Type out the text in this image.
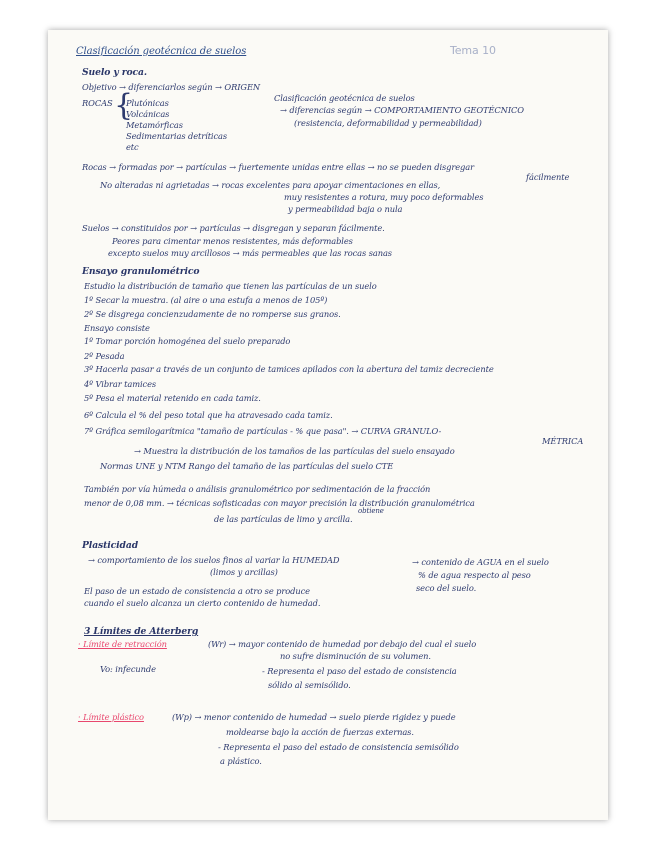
Clasificación geotécnica de suelos	Tema 10
Suelo y roca.
Objetivo → diferenciarlos según → ORIGEN
ROCAS {
Plutónicas
Volcánicas
Metamórficas
Sedimentarias detríticas
etc
Clasificación geotécnica de suelos
→ diferencias según → COMPORTAMIENTO GEOTÉCNICO
(resistencia, deformabilidad y permeabilidad)
Rocas → formadas por → partículas → fuertemente unidas entre ellas → no se pueden disgregar
fácilmente
No alteradas ni agrietadas → rocas excelentes para apoyar cimentaciones en ellas,
muy resistentes a rotura, muy poco deformables
y permeabilidad baja o nula
Suelos → constituidos por → partículas → disgregan y separan fácilmente.
Peores para cimentar menos resistentes, más deformables
excepto suelos muy arcillosos → más permeables que las rocas sanas
Ensayo granulométrico
Estudio la distribución de tamaño que tienen las partículas de un suelo
1º Secar la muestra. (al aire o una estufa a menos de 105º)
2º Se disgrega concienzudamente de no romperse sus granos.
Ensayo consiste
1º Tomar porción homogénea del suelo preparado
2º Pesada
3º Hacerla pasar a través de un conjunto de tamices apilados con la abertura del tamiz decreciente
4º Vibrar tamices
5º Pesa el material retenido en cada tamiz.
6º Calcula el % del peso total que ha atravesado cada tamiz.
7º Gráfica semilogarítmica "tamaño de partículas - % que pasa". → CURVA GRANULO-
MÉTRICA
→ Muestra la distribución de los tamaños de las partículas del suelo ensayado
Normas UNE y NTM Rango del tamaño de las partículas del suelo CTE
También por vía húmeda o análisis granulométrico por sedimentación de la fracción
menor de 0,08 mm. → técnicas sofisticadas con mayor precisión la distribución granulométrica
obtiene
de las partículas de limo y arcilla.
Plasticidad
→ comportamiento de los suelos finos al variar la HUMEDAD	→ contenido de AGUA en el suelo
(limos y arcillas)	% de agua respecto al peso
El paso de un estado de consistencia a otro se produce	seco del suelo.
cuando el suelo alcanza un cierto contenido de humedad.
3 Límites de Atterberg
· Límite de retracción	(Wr) → mayor contenido de humedad por debajo del cual el suelo
no sufre disminución de su volumen.
Vo: infecunde	- Representa el paso del estado de consistencia
sólido al semisólido.
· Límite plástico	(Wp) → menor contenido de humedad → suelo pierde rigidez y puede
moldearse bajo la acción de fuerzas externas.
- Representa el paso del estado de consistencia semisólido
a plástico.
